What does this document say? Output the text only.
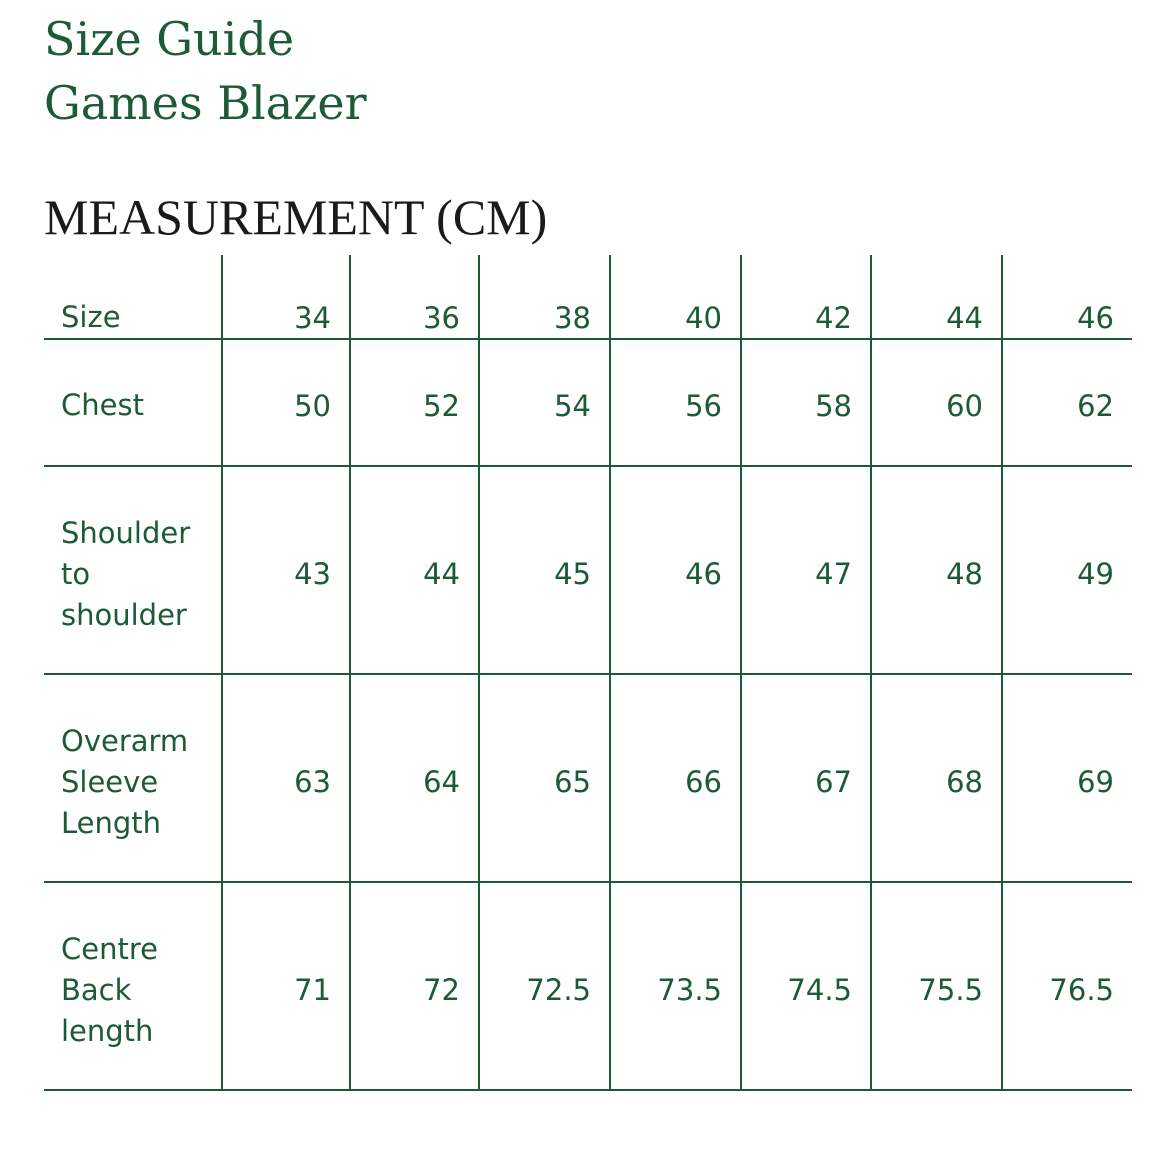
Size Guide
Games Blazer
MEASUREMENT (CM)
Size	34	36	38	40	42	44	46
Chest	50	52	54	56	58	60	62
Shoulder to shoulder	43	44	45	46	47	48	49
Overarm Sleeve Length	63	64	65	66	67	68	69
Centre Back length	71	72	72.5	73.5	74.5	75.5	76.5
